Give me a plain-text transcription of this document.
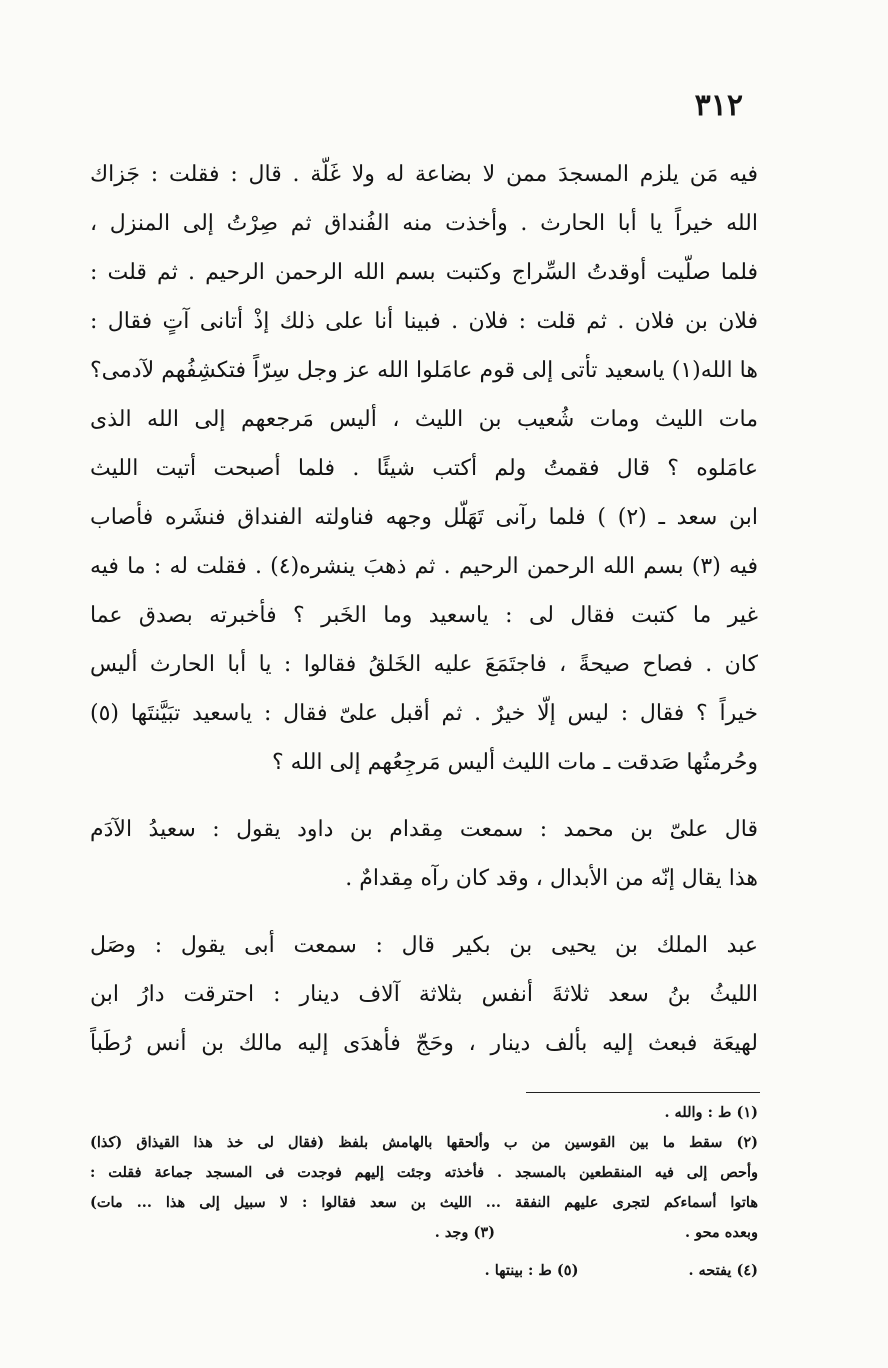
٣١٢

فيه مَن يلزم المسجدَ ممن لا بضاعة له ولا غَلّة . قال : فقلت : جَزاك
الله خيراً يا أبا الحارث . وأخذت منه الفُنداق ثم صِرْتُ إلى المنزل ،
فلما صلّيت أوقدتُ السِّراج وكتبت بسم الله الرحمن الرحيم . ثم قلت :
فلان بن فلان . ثم قلت : فلان . فبينا أنا على ذلك إذْ أتانى آتٍ فقال :
ها الله(١) ياسعيد تأتى إلى قوم عامَلوا الله عز وجل سِرّاً فتكشِفُهم لآدمى؟
مات الليث ومات شُعيب بن الليث ، أليس مَرجعهم إلى الله الذى
عامَلوه ؟ قال فقمتُ ولم أكتب شيئًا . فلما أصبحت أتيت الليث
ابن سعد ـ (٢) ) فلما رآنى تَهَلّل وجهه فناولته الفنداق فنشَره فأصاب
فيه (٣) بسم الله الرحمن الرحيم . ثم ذهبَ ينشره(٤) . فقلت له : ما فيه
غير ما كتبت فقال لى : ياسعيد وما الخَبر ؟ فأخبرته بصدق عما
كان . فصاح صيحةً ، فاجتَمَعَ عليه الخَلقُ فقالوا : يا أبا الحارث أليس
خيراً ؟ فقال : ليس إلّا خيرٌ . ثم أقبل علىّ فقال : ياسعيد تبَيَّنتَها (٥)
وحُرمتُها صَدقت ـ مات الليث أليس مَرجِعُهم إلى الله ؟

قال علىّ بن محمد : سمعت مِقدام بن داود يقول : سعيدُ الآدَم
هذا يقال إنّه من الأبدال ، وقد كان رآه مِقدامٌ .

عبد الملك بن يحيى بن بكير قال : سمعت أبى يقول : وصَل
الليثُ بنُ سعد ثلاثةَ أنفس بثلاثة آلاف دينار : احترقت دارُ ابن
لهيعَة فبعث إليه بألف دينار ، وحَجّ فأهدَى إليه مالك بن أنس رُطَباً

(١) ط : والله .
(٢) سقط ما بين القوسين من ب وألحقها بالهامش بلفظ (فقال لى خذ هذا القيذاق (كذا)
وأحص إلى فيه المنقطعين بالمسجد . فأخذته وجئت إليهم فوجدت فى المسجد جماعة فقلت :
هاتوا أسماءكم لتجرى عليهم النفقة ... الليث بن سعد فقالوا : لا سبيل إلى هذا ... مات)
وبعده محو .
(٣) وجد .
(٤) يفتحه .
(٥) ط : بينتها .
